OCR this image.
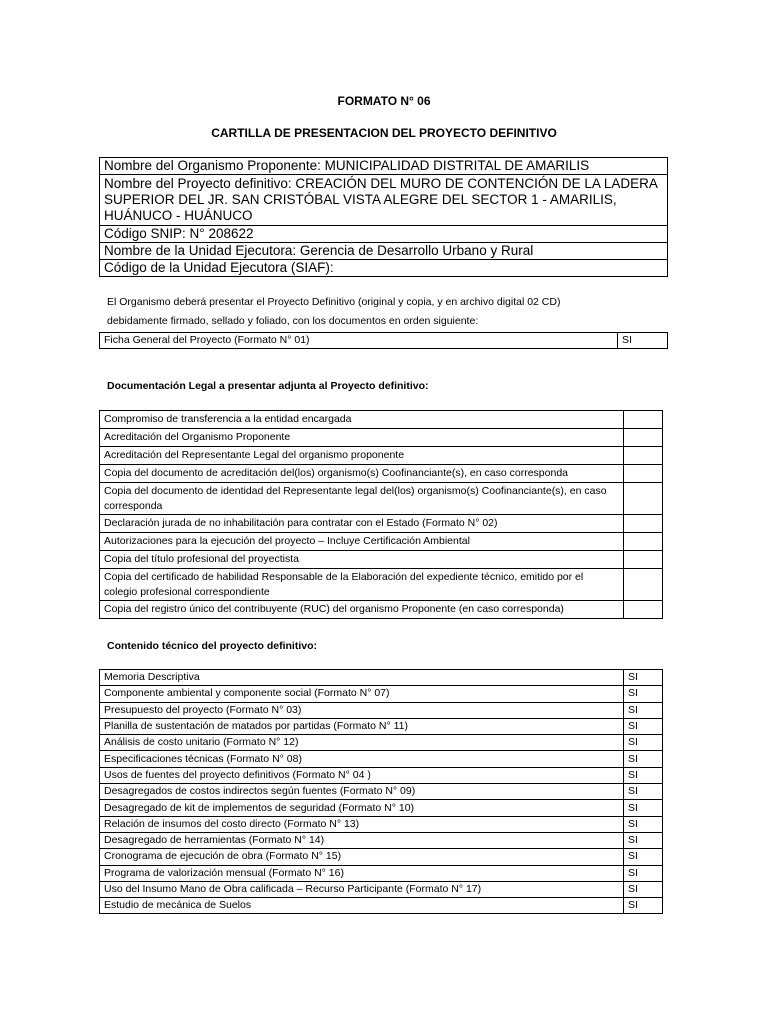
FORMATO N° 06
CARTILLA DE PRESENTACION DEL PROYECTO DEFINITIVO
Nombre del Organismo Proponente: MUNICIPALIDAD DISTRITAL DE AMARILIS
Nombre del Proyecto definitivo: CREACIÓN DEL MURO DE CONTENCIÓN DE LA LADERA SUPERIOR DEL JR. SAN CRISTÓBAL VISTA ALEGRE DEL SECTOR 1 - AMARILIS, HUÁNUCO - HUÁNUCO
Código SNIP: N° 208622
Nombre de la Unidad Ejecutora: Gerencia de Desarrollo Urbano y Rural
Código de la Unidad Ejecutora (SIAF):
El Organismo deberá presentar el Proyecto Definitivo (original y copia, y en archivo digital 02 CD)
debidamente firmado, sellado y foliado, con los documentos en orden siguiente:
Ficha General del Proyecto (Formato N° 01)	SI
Documentación Legal a presentar adjunta al Proyecto definitivo:
Compromiso de transferencia a la entidad encargada	
Acreditación del Organismo Proponente	
Acreditación del Representante Legal del organismo proponente	
Copia del documento de acreditación del(los) organismo(s) Coofinanciante(s), en caso corresponda	
Copia del documento de identidad del Representante legal del(los) organismo(s) Coofinanciante(s), en caso corresponda	
Declaración jurada de no inhabilitación para contratar con el Estado (Formato N° 02)	
Autorizaciones para la ejecución del proyecto – Incluye Certificación Ambiental	
Copia del título profesional del proyectista	
Copia del certificado de habilidad Responsable de la Elaboración del expediente técnico, emitido por el colegio profesional correspondiente	
Copia del registro único del contribuyente (RUC) del organismo Proponente (en caso corresponda)	
Contenido técnico del proyecto definitivo:
Memoria Descriptiva	SI
Componente ambiental y componente social (Formato N° 07)	SI
Presupuesto del proyecto (Formato N° 03)	SI
Planilla de sustentación de matados por partidas (Formato N° 11)	SI
Análisis de costo unitario (Formato N° 12)	SI
Especificaciones técnicas (Formato N° 08)	SI
Usos de fuentes del proyecto definitivos (Formato N° 04 )	SI
Desagregados de costos indirectos según fuentes (Formato N° 09)	SI
Desagregado de kit de implementos de seguridad (Formato N° 10)	SI
Relación de insumos del costo directo (Formato N° 13)	SI
Desagregado de herramientas (Formato N° 14)	SI
Cronograma de ejecución de obra (Formato N° 15)	SI
Programa de valorización mensual (Formato N° 16)	SI
Uso del Insumo Mano de Obra calificada – Recurso Participante (Formato N° 17)	SI
Estudio de mecánica de Suelos	SI
